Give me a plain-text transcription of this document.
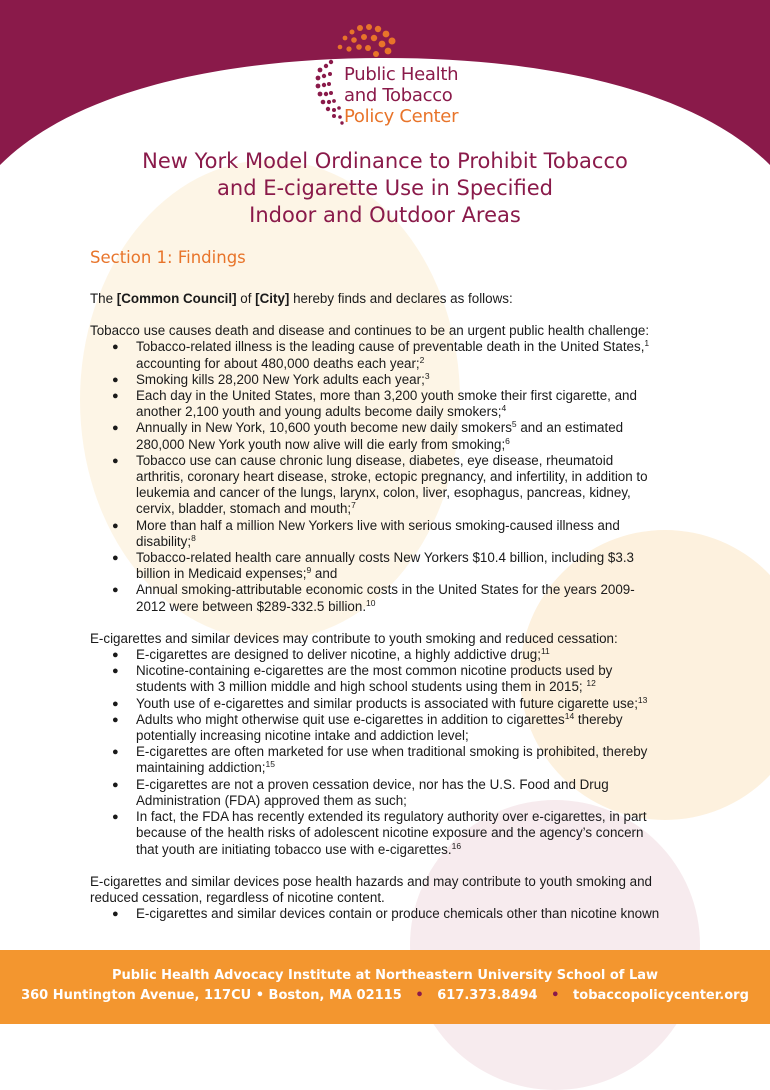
Public Health
and Tobacco
Policy Center
New York Model Ordinance to Prohibit Tobacco
and E-cigarette Use in Specified
Indoor and Outdoor Areas
Section 1: Findings

The [Common Council] of [City] hereby finds and declares as follows:

Tobacco use causes death and disease and continues to be an urgent public health challenge:

● Tobacco-related illness is the leading cause of preventable death in the United States,$^1$
accounting for about 480,000 deaths each year;$^2$
● Smoking kills 28,200 New York adults each year;$^3$
● Each day in the United States, more than 3,200 youth smoke their first cigarette, and
another 2,100 youth and young adults become daily smokers;$^4$
● Annually in New York, 10,600 youth become new daily smokers$^5$ and an estimated
280,000 New York youth now alive will die early from smoking;$^6$
● Tobacco use can cause chronic lung disease, diabetes, eye disease, rheumatoid
arthritis, coronary heart disease, stroke, ectopic pregnancy, and infertility, in addition to
leukemia and cancer of the lungs, larynx, colon, liver, esophagus, pancreas, kidney,
cervix, bladder, stomach and mouth;$^7$
● More than half a million New Yorkers live with serious smoking-caused illness and
disability;$^8$
● Tobacco-related health care annually costs New Yorkers $10.4 billion, including $3.3
billion in Medicaid expenses;$^9$ and
● Annual smoking-attributable economic costs in the United States for the years 2009-
2012 were between $289-332.5 billion.$^{10}$

E-cigarettes and similar devices may contribute to youth smoking and reduced cessation:

● E-cigarettes are designed to deliver nicotine, a highly addictive drug;$^{11}$
● Nicotine-containing e-cigarettes are the most common nicotine products used by
students with 3 million middle and high school students using them in 2015; $^{12}$
● Youth use of e-cigarettes and similar products is associated with future cigarette use;$^{13}$
● Adults who might otherwise quit use e-cigarettes in addition to cigarettes$^{14}$ thereby
potentially increasing nicotine intake and addiction level;
● E-cigarettes are often marketed for use when traditional smoking is prohibited, thereby
maintaining addiction;$^{15}$
● E-cigarettes are not a proven cessation device, nor has the U.S. Food and Drug
Administration (FDA) approved them as such;
● In fact, the FDA has recently extended its regulatory authority over e-cigarettes, in part
because of the health risks of adolescent nicotine exposure and the agency’s concern
that youth are initiating tobacco use with e-cigarettes.$^{16}$

E-cigarettes and similar devices pose health hazards and may contribute to youth smoking and

reduced cessation, regardless of nicotine content.

● E-cigarettes and similar devices contain or produce chemicals other than nicotine known
Public Health Advocacy Institute at Northeastern University School of Law
360 Huntington Avenue, 117CU • Boston, MA 02115 • 617.373.8494 • tobaccopolicycenter.org
